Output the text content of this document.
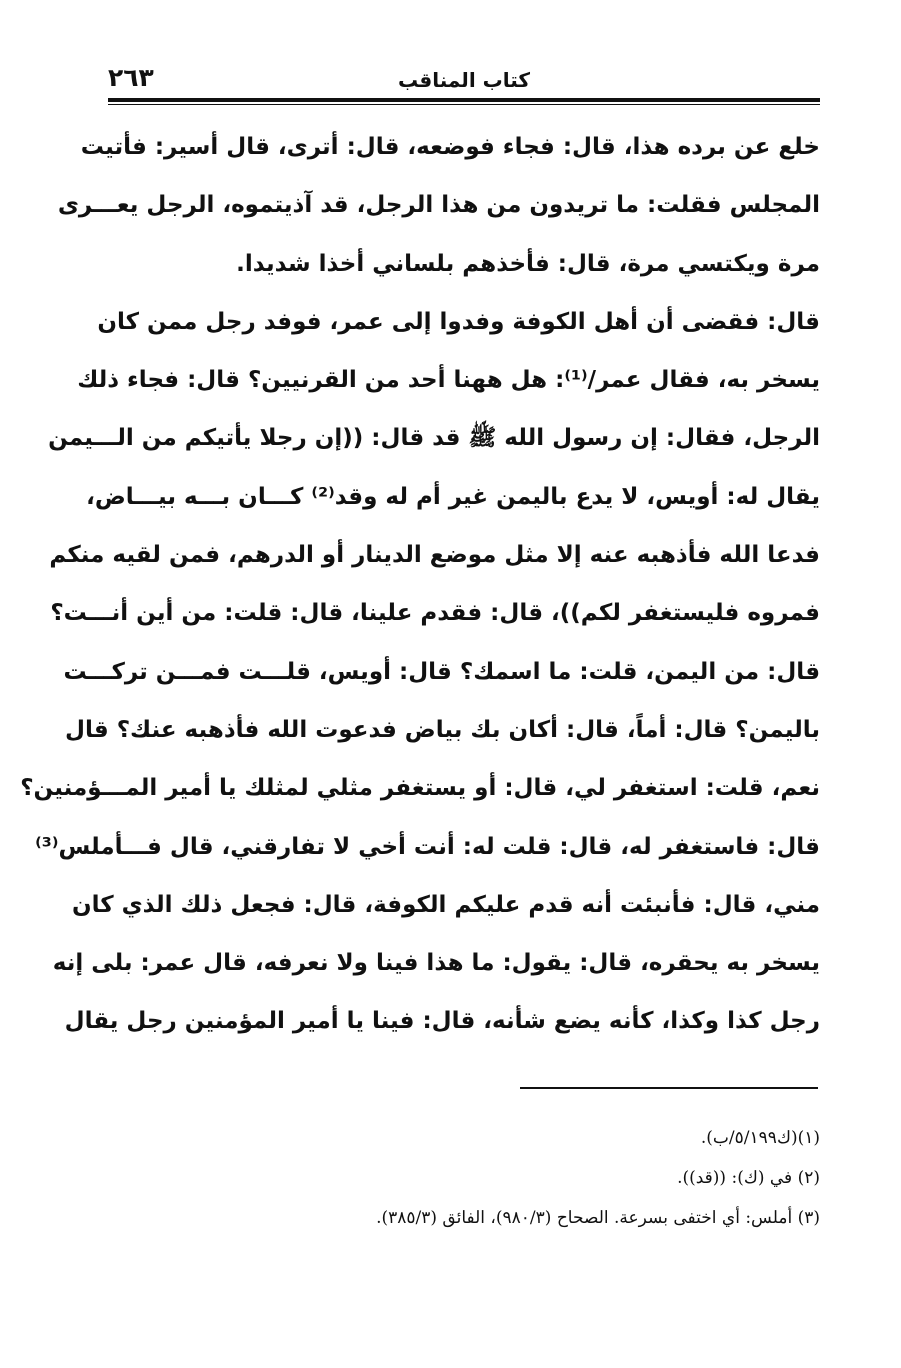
كتاب المناقب
٢٦٣
خلع عن برده هذا، قال: فجاء فوضعه، قال: أترى، قال أسير: فأتيت
المجلس فقلت: ما تريدون من هذا الرجل، قد آذيتموه، الرجل يعـــرى
مرة ويكتسي مرة، قال: فأخذهم بلساني أخذا شديدا.
قال: فقضى أن أهل الكوفة وفدوا إلى عمر، فوفد رجل ممن كان
يسخر به، فقال عمر/⁽¹⁾: هل ههنا أحد من القرنيين؟ قال: فجاء ذلك
الرجل، فقال: إن رسول الله ﷺ قد قال: ((إن رجلا يأتيكم من الـــيمن
يقال له: أويس، لا يدع باليمن غير أم له وقد⁽²⁾ كـــان بـــه بيـــاض،
فدعا الله فأذهبه عنه إلا مثل موضع الدينار أو الدرهم، فمن لقيه منكم
فمروه فليستغفر لكم))، قال: فقدم علينا، قال: قلت: من أين أنـــت؟
قال: من اليمن، قلت: ما اسمك؟ قال: أويس، قلـــت فمـــن تركـــت
باليمن؟ قال: أماً، قال: أكان بك بياض فدعوت الله فأذهبه عنك؟ قال
نعم، قلت: استغفر لي، قال: أو يستغفر مثلي لمثلك يا أمير المـــؤمنين؟
قال: فاستغفر له، قال: قلت له: أنت أخي لا تفارقني، قال فـــأملس⁽³⁾
مني، قال: فأنبئت أنه قدم عليكم الكوفة، قال: فجعل ذلك الذي كان
يسخر به يحقره، قال: يقول: ما هذا فينا ولا نعرفه، قال عمر: بلى إنه
رجل كذا وكذا، كأنه يضع شأنه، قال: فينا يا أمير المؤمنين رجل يقال
(١)(ك٥/١٩٩/ب).
(٢) في (ك): ((قد)).
(٣) أملس: أي اختفى بسرعة. الصحاح (٩٨٠/٣)، الفائق (٣٨٥/٣).
